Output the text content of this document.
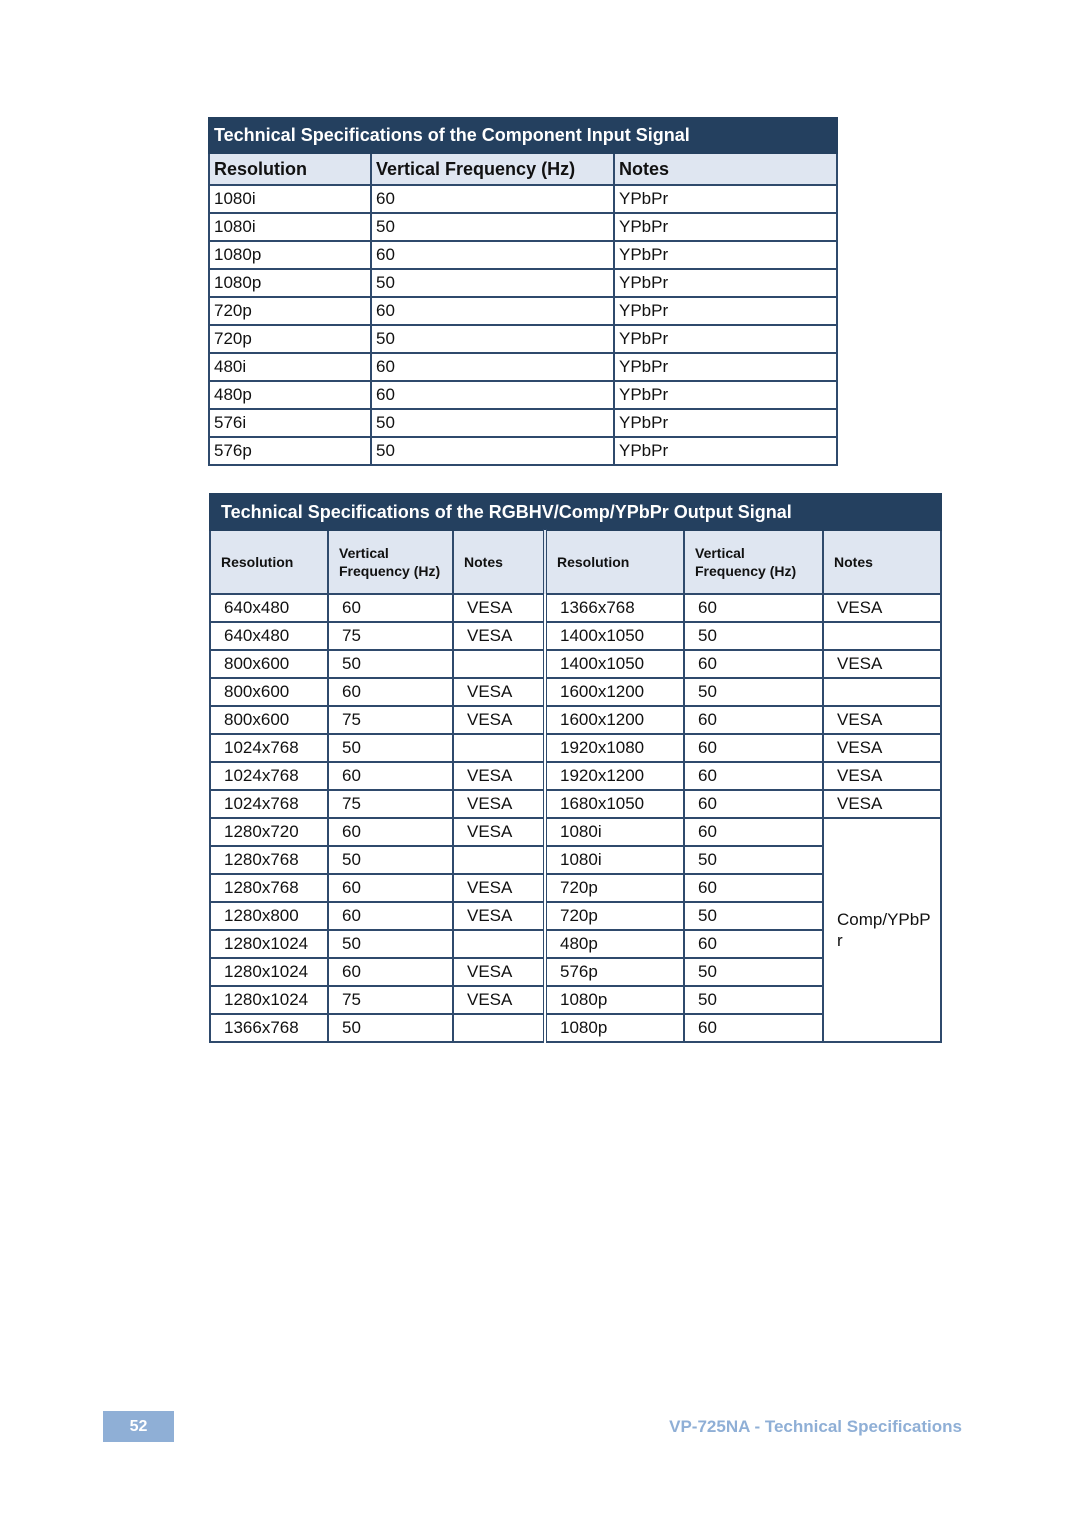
Technical Specifications of the Component Input Signal		
Resolution	Vertical Frequency (Hz)	Notes
1080i	60	YPbPr
1080i	50	YPbPr
1080p	60	YPbPr
1080p	50	YPbPr
720p	60	YPbPr
720p	50	YPbPr
480i	60	YPbPr
480p	60	YPbPr
576i	50	YPbPr
576p	50	YPbPr
Technical Specifications of the RGBHV/Comp/YPbPr Output Signal					
Resolution	Vertical Frequency (Hz)	Notes	Resolution	Vertical Frequency (Hz)	Notes
640x480	60	VESA	1366x768	60	VESA
640x480	75	VESA	1400x1050	50	
800x600	50		1400x1050	60	VESA
800x600	60	VESA	1600x1200	50	
800x600	75	VESA	1600x1200	60	VESA
1024x768	50		1920x1080	60	VESA
1024x768	60	VESA	1920x1200	60	VESA
1024x768	75	VESA	1680x1050	60	VESA
1280x720	60	VESA	1080i	60	Comp/YPbPr
1280x768	50		1080i	50	
1280x768	60	VESA	720p	60	
1280x800	60	VESA	720p	50	
1280x1024	50		480p	60	
1280x1024	60	VESA	576p	50	
1280x1024	75	VESA	1080p	50	
1366x768	50		1080p	60	
52	VP-725NA - Technical Specifications
